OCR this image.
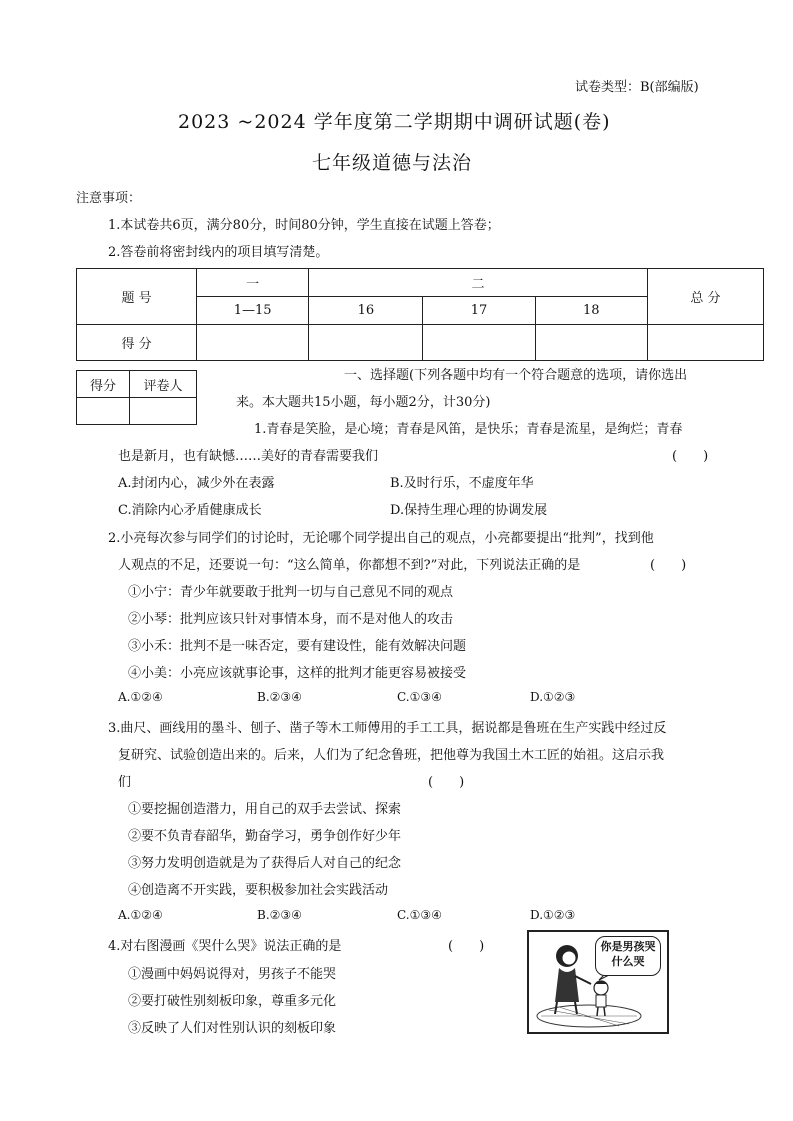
试卷类型：B(部编版)
2023 ~2024 学年度第二学期期中调研试题(卷)
七年级道德与法治
注意事项：
1.本试卷共6页，满分80分，时间80分钟，学生直接在试题上答卷；
2.答卷前将密封线内的项目填写清楚。
题 号	一	二			总 分
	1—15	16	17	18	
得 分					
得分	评卷人

一、选择题(下列各题中均有一个符合题意的选项，请你选出
来。本大题共15小题，每小题2分，计30分)
1.青春是笑脸，是心境；青春是风笛，是快乐；青春是流星，是绚烂；青春
也是新月，也有缺憾……美好的青春需要我们	(　　)
A.封闭内心，减少外在表露	B.及时行乐，不虚度年华
C.消除内心矛盾健康成长	D.保持生理心理的协调发展
2.小亮每次参与同学们的讨论时，无论哪个同学提出自己的观点，小亮都要提出“批判”，找到他
人观点的不足，还要说一句：“这么简单，你都想不到?”对此，下列说法正确的是	(　　)
①小宁：青少年就要敢于批判一切与自己意见不同的观点
②小琴：批判应该只针对事情本身，而不是对他人的攻击
③小禾：批判不是一味否定，要有建设性，能有效解决问题
④小美：小亮应该就事论事，这样的批判才能更容易被接受
A.①②④	B.②③④	C.①③④	D.①②③
3.曲尺、画线用的墨斗、刨子、凿子等木工师傅用的手工工具，据说都是鲁班在生产实践中经过反
复研究、试验创造出来的。后来，人们为了纪念鲁班，把他尊为我国土木工匠的始祖。这启示我
们	(　　)
①要挖掘创造潜力，用自己的双手去尝试、探索
②要不负青春韶华，勤奋学习，勇争创作好少年
③努力发明创造就是为了获得后人对自己的纪念
④创造离不开实践，要积极参加社会实践活动
A.①②④	B.②③④	C.①③④	D.①②③
4.对右图漫画《哭什么哭》说法正确的是	(　　)
①漫画中妈妈说得对，男孩子不能哭
②要打破性别刻板印象，尊重多元化
③反映了人们对性别认识的刻板印象
你是男孩哭什么哭
